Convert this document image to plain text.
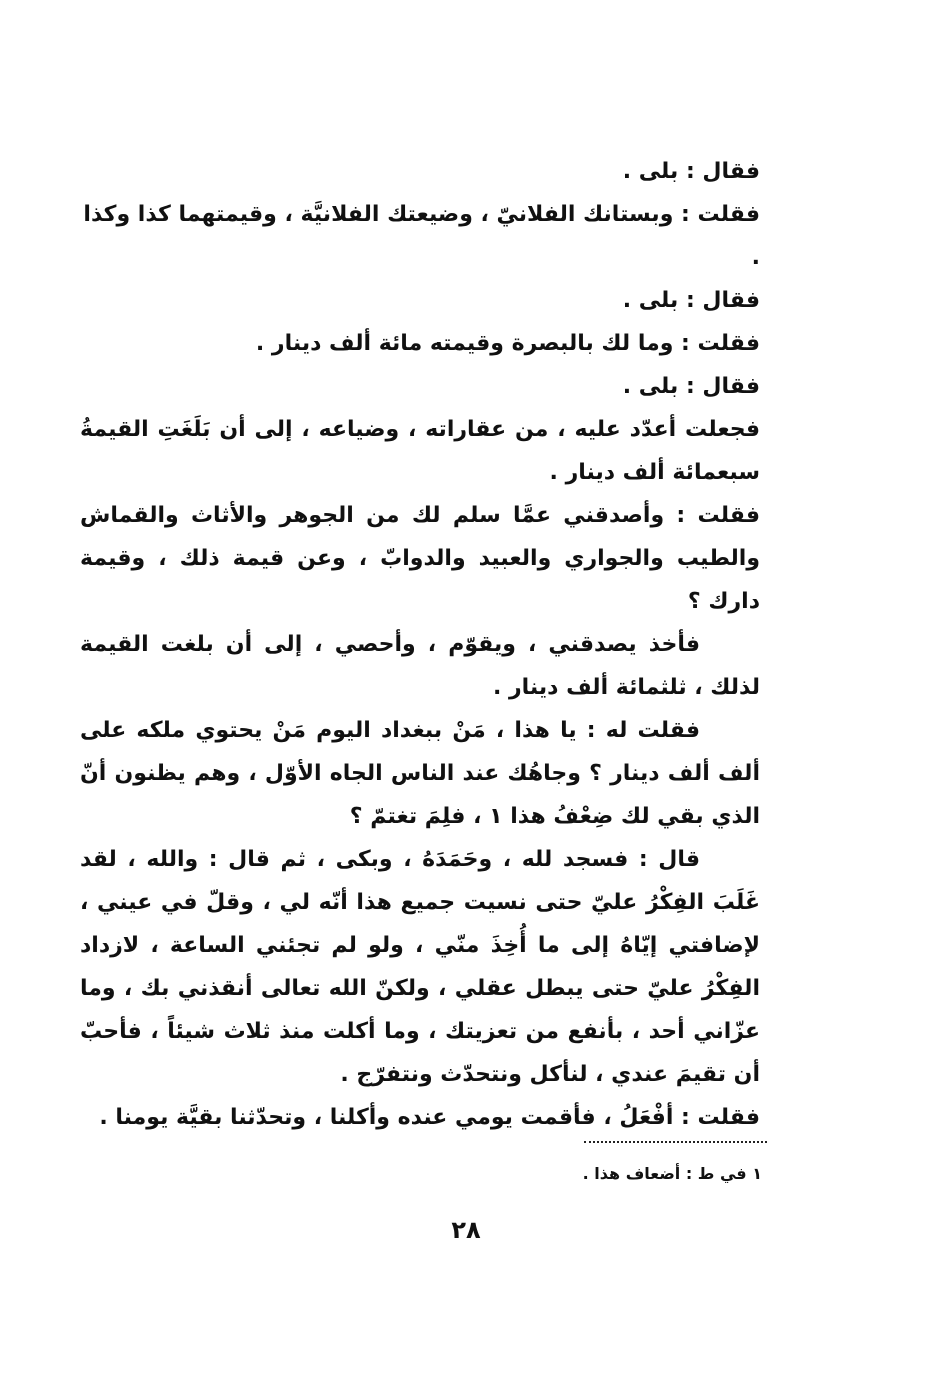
فقال : بلى .

فقلت : وبستانك الفلانيّ ، وضيعتك الفلانيَّة ، وقيمتهما كذا وكذا .

فقال : بلى .

فقلت : وما لك بالبصرة وقيمته مائة ألف دينار .

فقال : بلى .

فجعلت أعدّد عليه ، من عقاراته ، وضياعه ، إلى أن بَلَغَتِ القيمةُ سبعمائة ألف دينار .

فقلت : وأصدقني عمَّا سلم لك من الجوهر والأثاث والقماش والطيب والجواري والعبيد والدوابّ ، وعن قيمة ذلك ، وقيمة دارك ؟

فأخذ يصدقني ، ويقوّم ، وأحصي ، إلى أن بلغت القيمة لذلك ، ثلثمائة ألف دينار .

فقلت له : يا هذا ، مَنْ ببغداد اليوم مَنْ يحتوي ملكه على ألف ألف دينار ؟ وجاهُك عند الناس الجاه الأوّل ، وهم يظنون أنّ الذي بقي لك ضِعْفُ هذا ١ ، فلِمَ تغتمّ ؟

قال : فسجد لله ، وحَمَدَهُ ، وبكى ، ثم قال : والله ، لقد غَلَبَ الفِكْرُ عليّ حتى نسيت جميع هذا أنّه لي ، وقلّ في عيني ، لإضافتي إيّاهُ إلى ما أُخِذَ منّي ، ولو لم تجئني الساعة ، لازداد الفِكْرُ عليّ حتى يبطل عقلي ، ولكنّ الله تعالى أنقذني بك ، وما عزّاني أحد ، بأنفع من تعزيتك ، وما أكلت منذ ثلاث شيئاً ، فأحبّ أن تقيمَ عندي ، لنأكل ونتحدّث ونتفرّج .

فقلت : أفْعَلُ ، فأقمت يومي عنده وأكلنا ، وتحدّثنا بقيَّة يومنا .

١ في ط : أضعاف هذا .
٢٨
